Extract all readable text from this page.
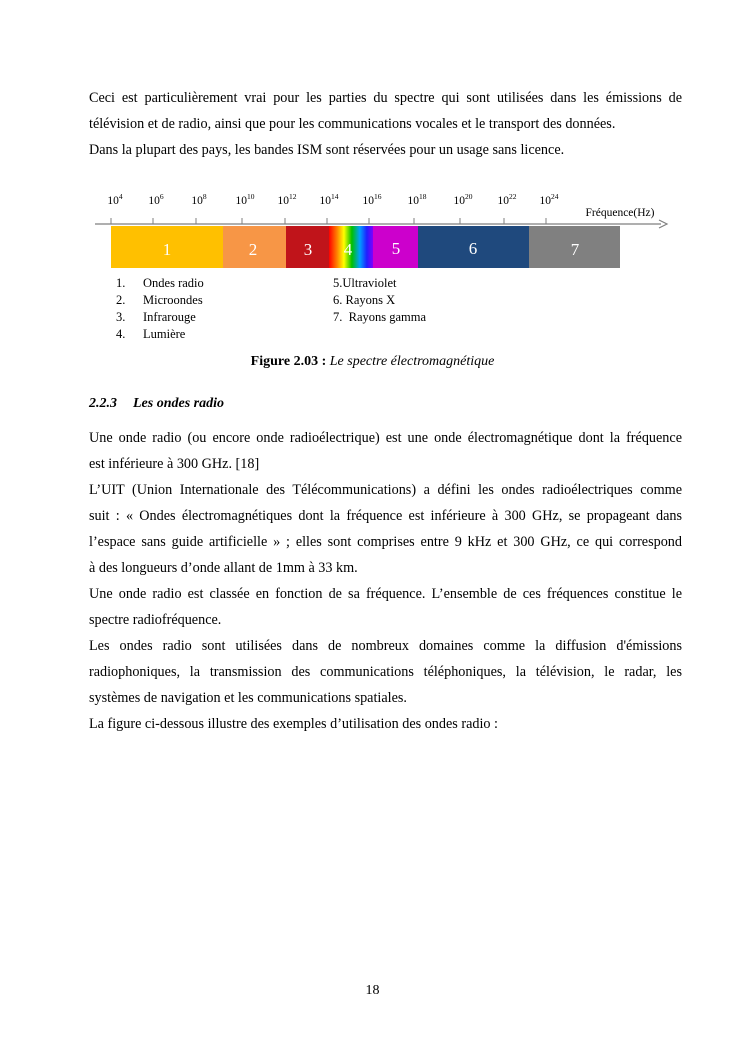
Ceci est particulièrement vrai pour les parties du spectre qui sont utilisées dans les émissions de

télévision et de radio, ainsi que pour les communications vocales et le transport des données.

Dans la plupart des pays, les bandes ISM sont réservées pour un usage sans licence.

$10^4$ $10^6$ $10^8$	$10^{10}$ $10^{12}$ $10^{14}$ $10^{16}$ $10^{18}$ $10^{20}$ $10^{22}$ $10^{24}$
Fréquence(Hz)
1	2	3 4 5	6	7
1. Ondes radio
2. Microondes
3. Infrarouge
4. Lumière
5.Ultraviolet
6. Rayons X
7.  Rayons gamma
Figure 2.03 : Le spectre électromagnétique
2.2.3 Les ondes radio

Une onde radio (ou encore onde radioélectrique) est une onde électromagnétique dont la fréquence

est inférieure à 300 GHz. [18]

L’UIT (Union Internationale des Télécommunications) a défini les ondes radioélectriques comme

suit : « Ondes électromagnétiques dont la fréquence est inférieure à 300 GHz, se propageant dans

l’espace sans guide artificielle » ; elles sont comprises entre 9 kHz et 300 GHz, ce qui correspond

à des longueurs d’onde allant de 1mm à 33 km.

Une onde radio est classée en fonction de sa fréquence. L’ensemble de ces fréquences constitue le

spectre radiofréquence.

Les ondes radio sont utilisées dans de nombreux domaines comme la diffusion d'émissions

radiophoniques, la transmission des communications téléphoniques, la télévision, le radar, les

systèmes de navigation et les communications spatiales.

La figure ci-dessous illustre des exemples d’utilisation des ondes radio :

18
